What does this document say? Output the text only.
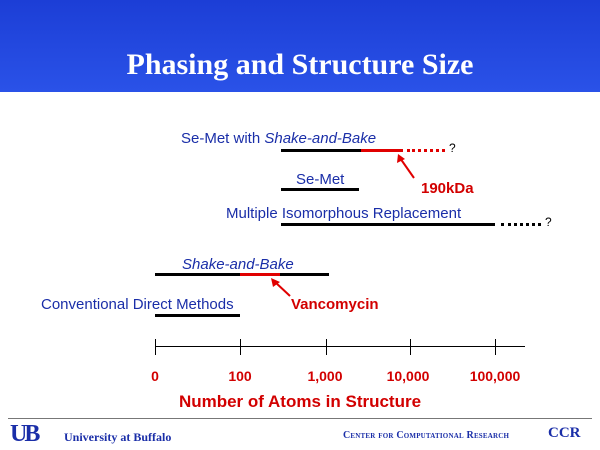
Phasing and Structure Size
Se-Met with Shake-and-Bake
?
Se-Met
190kDa
Multiple Isomorphous Replacement	?
Shake-and-Bake
Conventional Direct Methods	Vancomycin
0	100	1,000	10,000	100,000
Number of Atoms in Structure
UB University at Buffalo	Center for Computational Research	CCR
